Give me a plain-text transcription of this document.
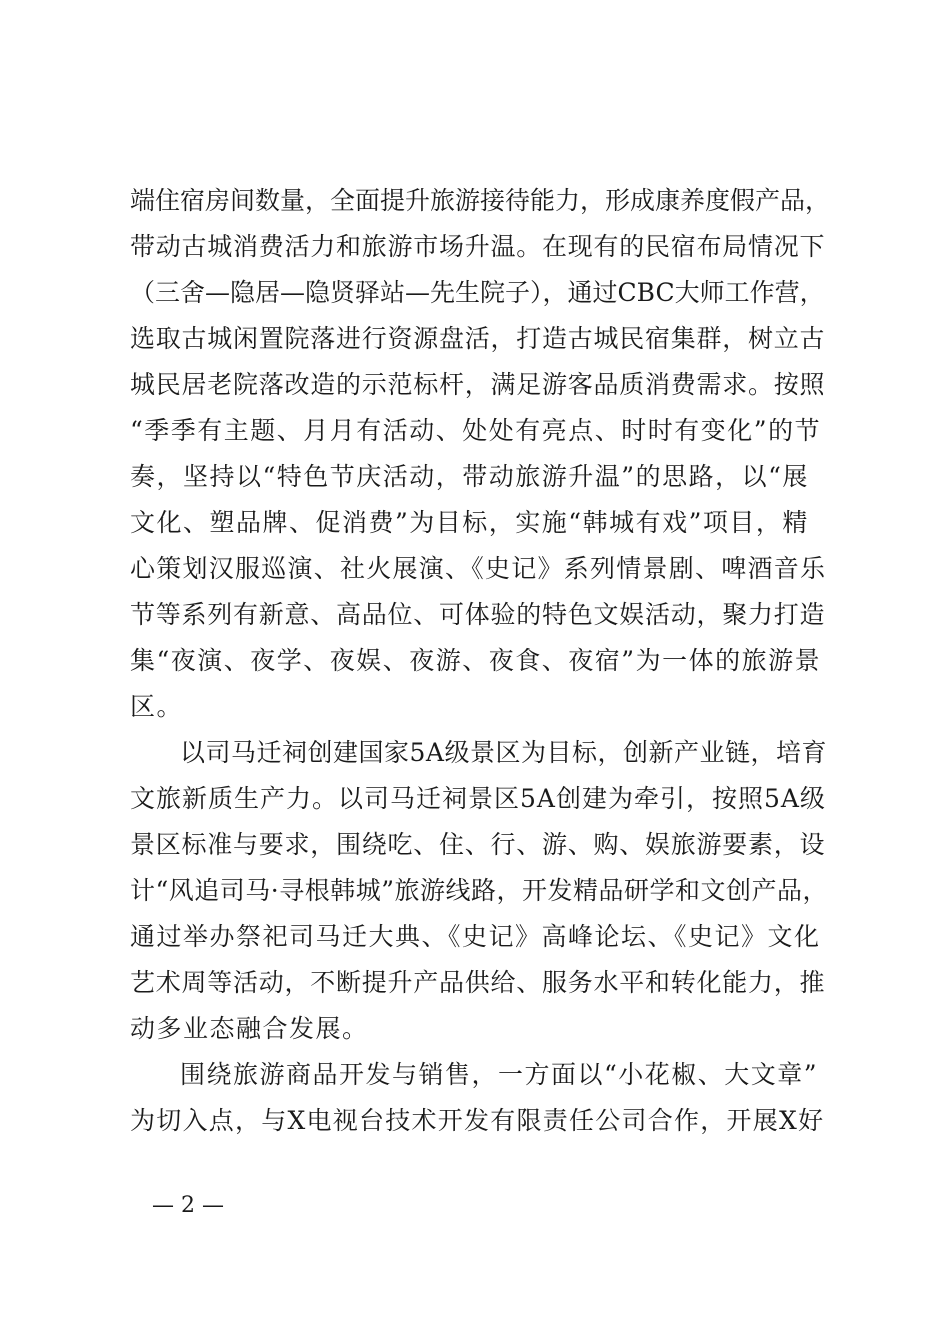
端住宿房间数量，全面提升旅游接待能力，形成康养度假产品，
带动古城消费活力和旅游市场升温。在现有的民宿布局情况下
（三舍—隐居—隐贤驿站—先生院子），通过CBC大师工作营，
选取古城闲置院落进行资源盘活，打造古城民宿集群，树立古
城民居老院落改造的示范标杆，满足游客品质消费需求。按照
“季季有主题、月月有活动、处处有亮点、时时有变化”的节
奏，坚持以“特色节庆活动，带动旅游升温”的思路，以“展
文化、塑品牌、促消费”为目标，实施“韩城有戏”项目，精
心策划汉服巡演、社火展演、《史记》系列情景剧、啤酒音乐
节等系列有新意、高品位、可体验的特色文娱活动，聚力打造
集“夜演、夜学、夜娱、夜游、夜食、夜宿”为一体的旅游景
区。
以司马迁祠创建国家5A级景区为目标，创新产业链，培育
文旅新质生产力。以司马迁祠景区5A创建为牵引，按照5A级
景区标准与要求，围绕吃、住、行、游、购、娱旅游要素，设
计“风追司马·寻根韩城”旅游线路，开发精品研学和文创产品，
通过举办祭祀司马迁大典、《史记》高峰论坛、《史记》文化
艺术周等活动，不断提升产品供给、服务水平和转化能力，推
动多业态融合发展。
围绕旅游商品开发与销售，一方面以“小花椒、大文章”
为切入点，与X电视台技术开发有限责任公司合作，开展X好
— 2 —
